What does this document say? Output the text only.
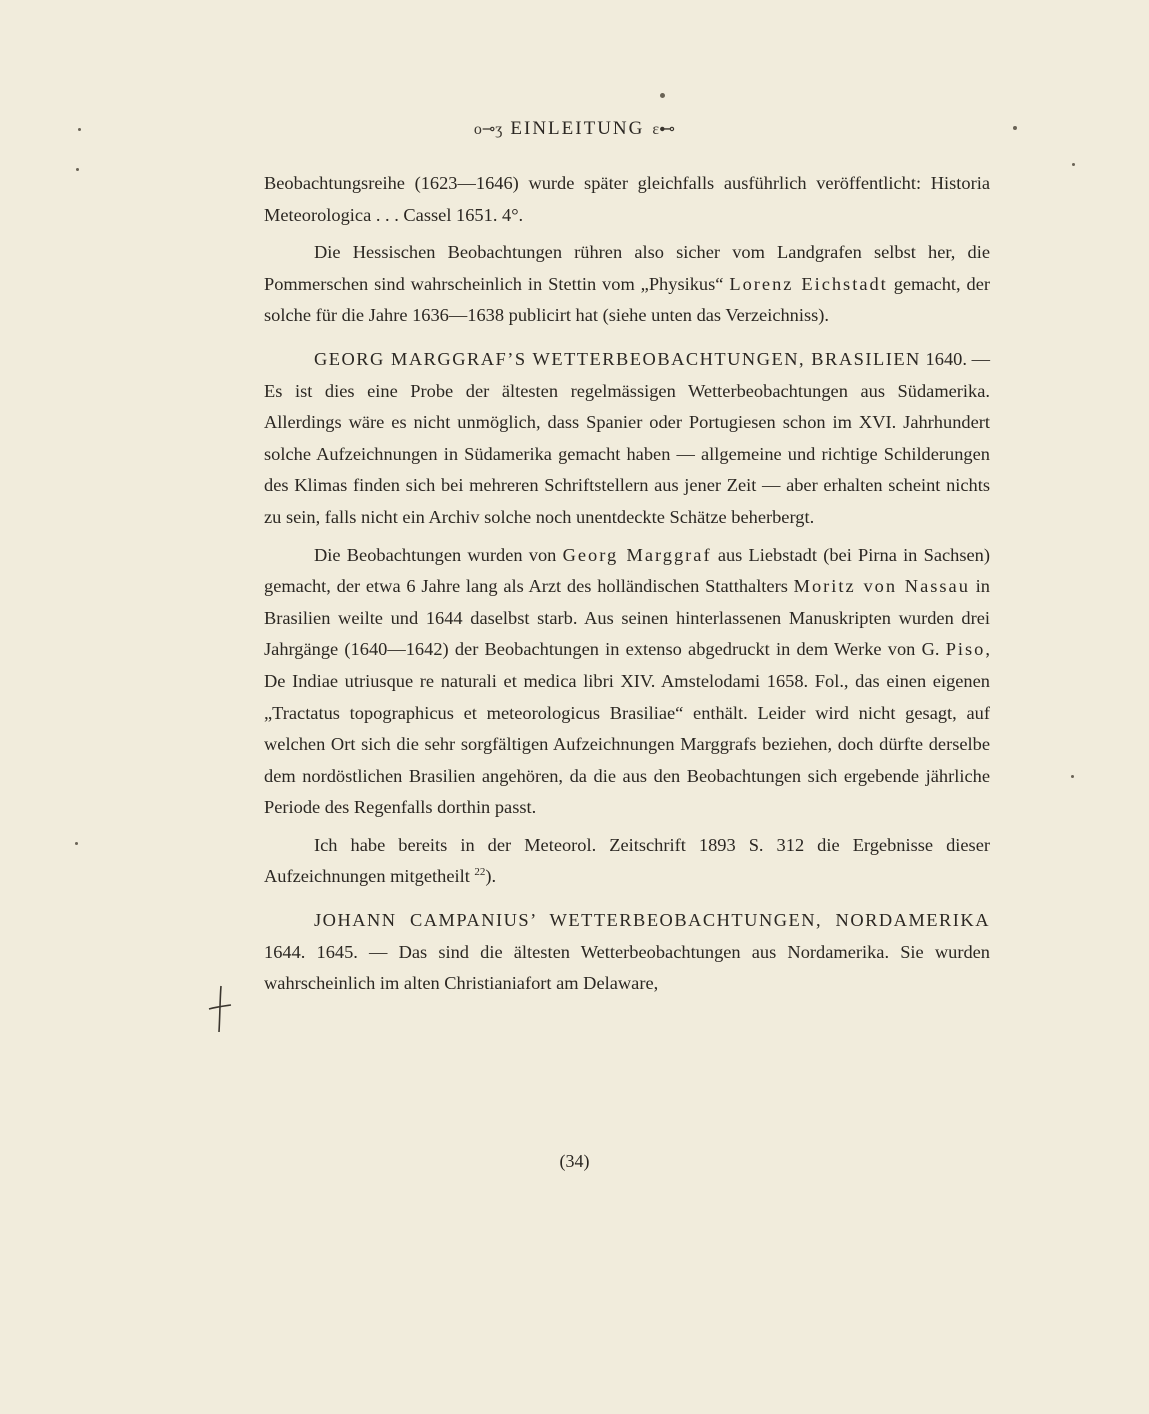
o⊸ʒ EINLEITUNG ɛ⊷

Beobachtungsreihe (1623—1646) wurde später gleichfalls ausführlich veröffentlicht: Historia Meteorologica . . . Cassel 1651. 4°.

Die Hessischen Beobachtungen rühren also sicher vom Landgrafen selbst her, die Pommerschen sind wahrscheinlich in Stettin vom „Physikus“ Lorenz Eichstadt gemacht, der solche für die Jahre 1636—1638 publicirt hat (siehe unten das Verzeichniss).

GEORG MARGGRAF’S WETTERBEOBACHTUNGEN, BRASILIEN 1640. — Es ist dies eine Probe der ältesten regelmässigen Wetterbeobachtungen aus Südamerika. Allerdings wäre es nicht unmöglich, dass Spanier oder Portugiesen schon im XVI. Jahrhundert solche Aufzeichnungen in Südamerika gemacht haben — allgemeine und richtige Schilderungen des Klimas finden sich bei mehreren Schriftstellern aus jener Zeit — aber erhalten scheint nichts zu sein, falls nicht ein Archiv solche noch unentdeckte Schätze beherbergt.

Die Beobachtungen wurden von Georg Marggraf aus Liebstadt (bei Pirna in Sachsen) gemacht, der etwa 6 Jahre lang als Arzt des holländischen Statthalters Moritz von Nassau in Brasilien weilte und 1644 daselbst starb. Aus seinen hinterlassenen Manuskripten wurden drei Jahrgänge (1640—1642) der Beobachtungen in extenso abgedruckt in dem Werke von G. Piso, De Indiae utriusque re naturali et medica libri XIV. Amstelodami 1658. Fol., das einen eigenen „Tractatus topographicus et meteorologicus Brasiliae“ enthält. Leider wird nicht gesagt, auf welchen Ort sich die sehr sorgfältigen Aufzeichnungen Marggrafs beziehen, doch dürfte derselbe dem nordöstlichen Brasilien angehören, da die aus den Beobachtungen sich ergebende jährliche Periode des Regenfalls dorthin passt.

Ich habe bereits in der Meteorol. Zeitschrift 1893 S. 312 die Ergebnisse dieser Aufzeichnungen mitgetheilt $^{22}$).

JOHANN CAMPANIUS’ WETTERBEOBACHTUNGEN, NORDAMERIKA 1644. 1645. — Das sind die ältesten Wetterbeobachtungen aus Nordamerika. Sie wurden wahrscheinlich im alten Christianiafort am Delaware,

(34)
